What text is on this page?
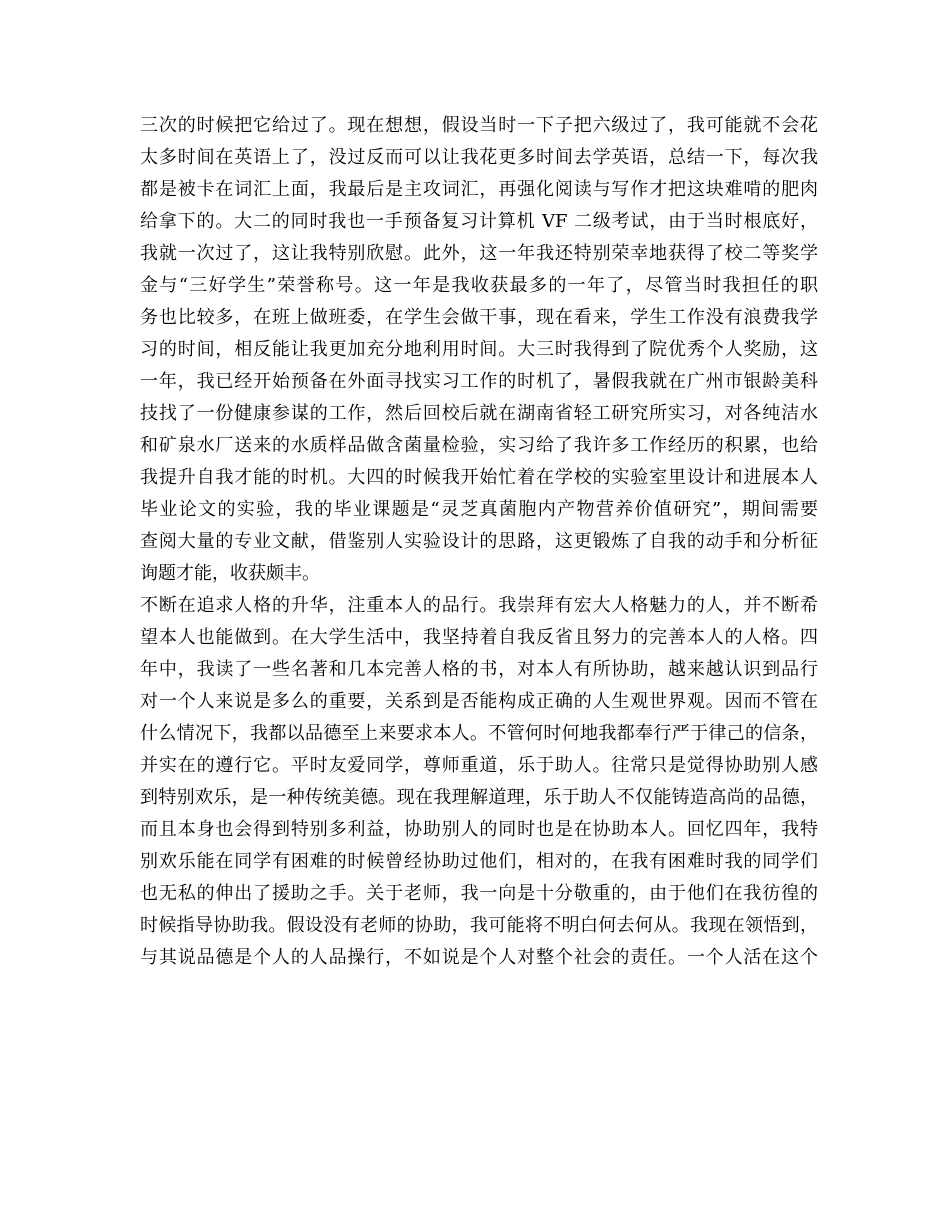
三次的时候把它给过了。现在想想，假设当时一下子把六级过了，我可能就不会花
太多时间在英语上了，没过反而可以让我花更多时间去学英语，总结一下，每次我
都是被卡在词汇上面，我最后是主攻词汇，再强化阅读与写作才把这块难啃的肥肉
给拿下的。大二的同时我也一手预备复习计算机 VF 二级考试，由于当时根底好，
我就一次过了，这让我特别欣慰。此外，这一年我还特别荣幸地获得了校二等奖学
金与“三好学生”荣誉称号。这一年是我收获最多的一年了，尽管当时我担任的职
务也比较多，在班上做班委，在学生会做干事，现在看来，学生工作没有浪费我学
习的时间，相反能让我更加充分地利用时间。大三时我得到了院优秀个人奖励，这
一年，我已经开始预备在外面寻找实习工作的时机了，暑假我就在广州市银龄美科
技找了一份健康参谋的工作，然后回校后就在湖南省轻工研究所实习，对各纯洁水
和矿泉水厂送来的水质样品做含菌量检验，实习给了我许多工作经历的积累，也给
我提升自我才能的时机。大四的时候我开始忙着在学校的实验室里设计和进展本人
毕业论文的实验，我的毕业课题是“灵芝真菌胞内产物营养价值研究”，期间需要
查阅大量的专业文献，借鉴别人实验设计的思路，这更锻炼了自我的动手和分析征
询题才能，收获颇丰。
不断在追求人格的升华，注重本人的品行。我崇拜有宏大人格魅力的人，并不断希
望本人也能做到。在大学生活中，我坚持着自我反省且努力的完善本人的人格。四
年中，我读了一些名著和几本完善人格的书，对本人有所协助，越来越认识到品行
对一个人来说是多么的重要，关系到是否能构成正确的人生观世界观。因而不管在
什么情况下，我都以品德至上来要求本人。不管何时何地我都奉行严于律己的信条，
并实在的遵行它。平时友爱同学，尊师重道，乐于助人。往常只是觉得协助别人感
到特别欢乐，是一种传统美德。现在我理解道理，乐于助人不仅能铸造高尚的品德，
而且本身也会得到特别多利益，协助别人的同时也是在协助本人。回忆四年，我特
别欢乐能在同学有困难的时候曾经协助过他们，相对的，在我有困难时我的同学们
也无私的伸出了援助之手。关于老师，我一向是十分敬重的，由于他们在我彷徨的
时候指导协助我。假设没有老师的协助，我可能将不明白何去何从。我现在领悟到，
与其说品德是个人的人品操行，不如说是个人对整个社会的责任。一个人活在这个
